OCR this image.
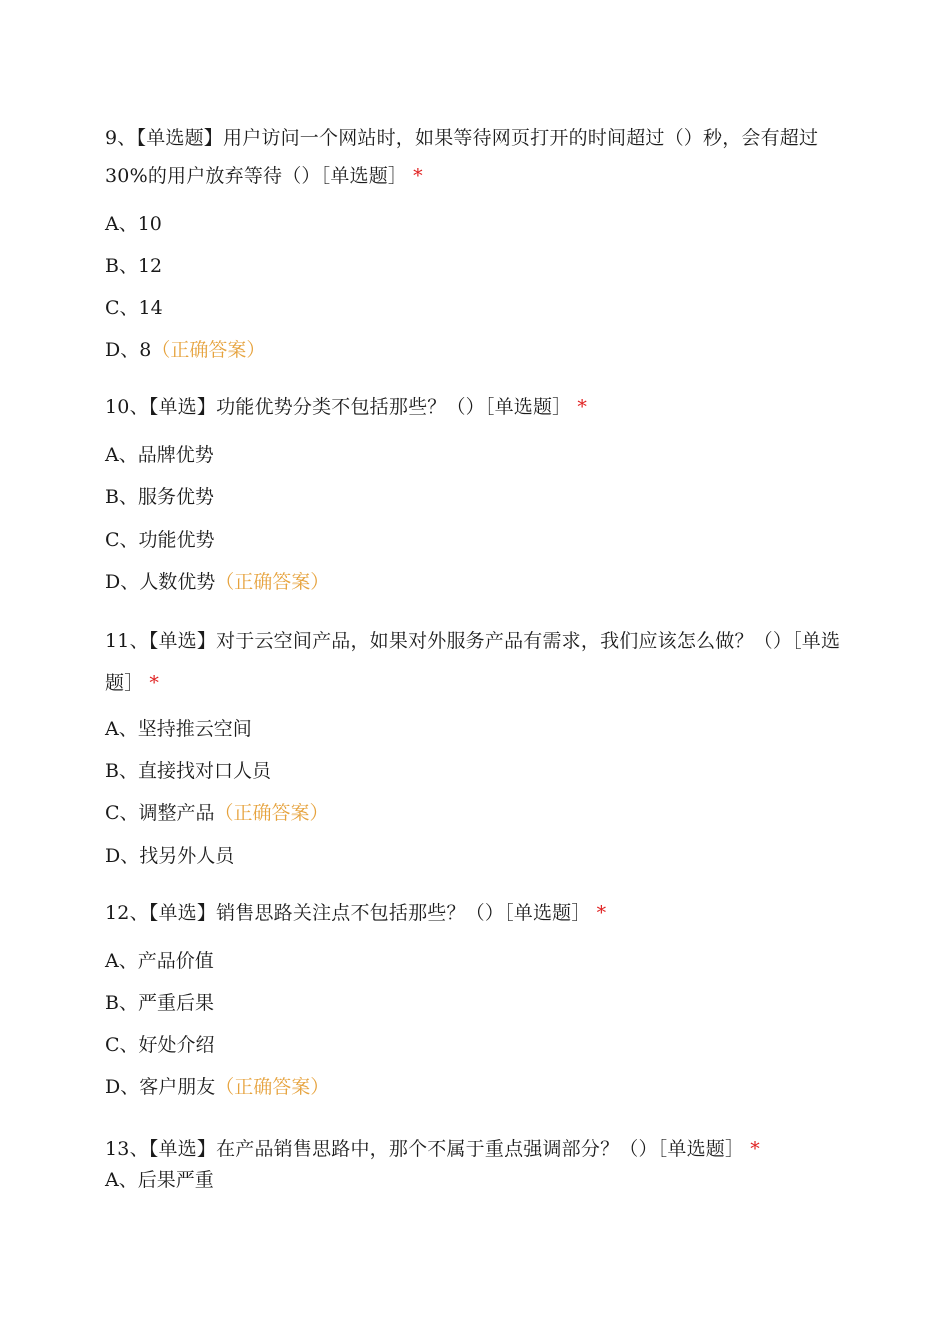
9、【单选题】用户访问一个网站时，如果等待网页打开的时间超过（）秒，会有超过 30%的用户放弃等待（）［单选题］ *
A、10
B、12
C、14
D、8（正确答案）
10、【单选】功能优势分类不包括那些？（）［单选题］ *
A、品牌优势
B、服务优势
C、功能优势
D、人数优势（正确答案）
11、【单选】对于云空间产品，如果对外服务产品有需求，我们应该怎么做？（）［单选题］ *
A、坚持推云空间
B、直接找对口人员
C、调整产品（正确答案）
D、找另外人员
12、【单选】销售思路关注点不包括那些？（）［单选题］ *
A、产品价值
B、严重后果
C、好处介绍
D、客户朋友（正确答案）
13、【单选】在产品销售思路中，那个不属于重点强调部分？（）［单选题］ *
A、后果严重
